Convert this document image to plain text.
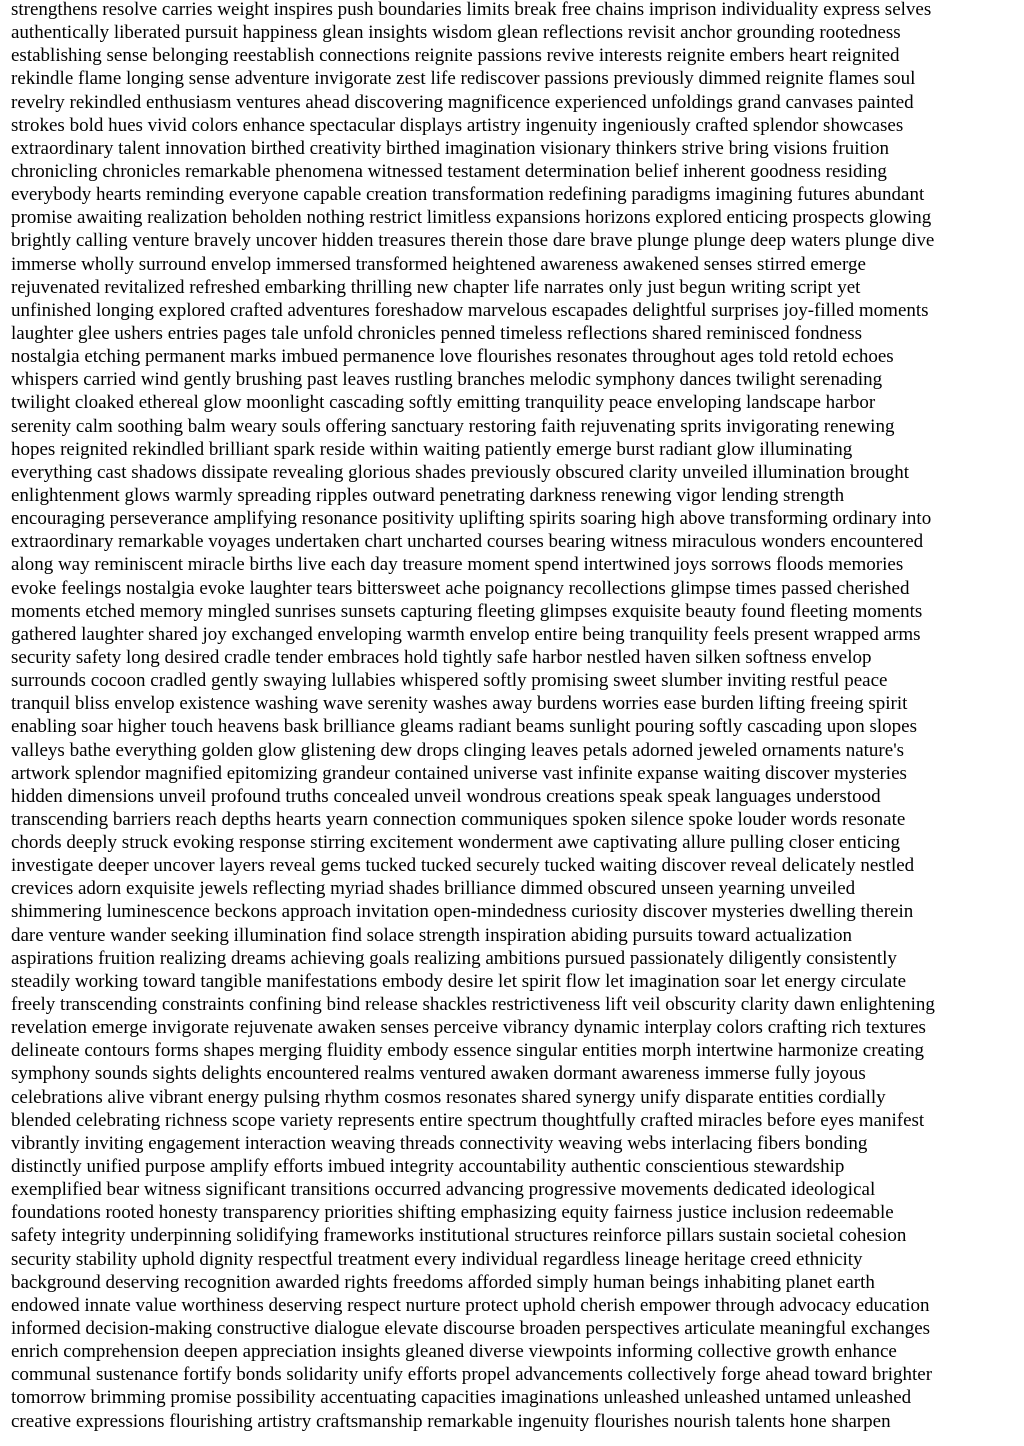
strengthens resolve carries weight inspires push boundaries limits break free chains imprison individuality express selves
authentically liberated pursuit happiness glean insights wisdom glean reflections revisit anchor grounding rootedness
establishing sense belonging reestablish connections reignite passions revive interests reignite embers heart reignited
rekindle flame longing sense adventure invigorate zest life rediscover passions previously dimmed reignite flames soul
revelry rekindled enthusiasm ventures ahead discovering magnificence experienced unfoldings grand canvases painted
strokes bold hues vivid colors enhance spectacular displays artistry ingenuity ingeniously crafted splendor showcases
extraordinary talent innovation birthed creativity birthed imagination visionary thinkers strive bring visions fruition
chronicling chronicles remarkable phenomena witnessed testament determination belief inherent goodness residing
everybody hearts reminding everyone capable creation transformation redefining paradigms imagining futures abundant
promise awaiting realization beholden nothing restrict limitless expansions horizons explored enticing prospects glowing
brightly calling venture bravely uncover hidden treasures therein those dare brave plunge plunge deep waters plunge dive
immerse wholly surround envelop immersed transformed heightened awareness awakened senses stirred emerge
rejuvenated revitalized refreshed embarking thrilling new chapter life narrates only just begun writing script yet
unfinished longing explored crafted adventures foreshadow marvelous escapades delightful surprises joy-filled moments
laughter glee ushers entries pages tale unfold chronicles penned timeless reflections shared reminisced fondness
nostalgia etching permanent marks imbued permanence love flourishes resonates throughout ages told retold echoes
whispers carried wind gently brushing past leaves rustling branches melodic symphony dances twilight serenading
twilight cloaked ethereal glow moonlight cascading softly emitting tranquility peace enveloping landscape harbor
serenity calm soothing balm weary souls offering sanctuary restoring faith rejuvenating sprits invigorating renewing
hopes reignited rekindled brilliant spark reside within waiting patiently emerge burst radiant glow illuminating
everything cast shadows dissipate revealing glorious shades previously obscured clarity unveiled illumination brought
enlightenment glows warmly spreading ripples outward penetrating darkness renewing vigor lending strength
encouraging perseverance amplifying resonance positivity uplifting spirits soaring high above transforming ordinary into
extraordinary remarkable voyages undertaken chart uncharted courses bearing witness miraculous wonders encountered
along way reminiscent miracle births live each day treasure moment spend intertwined joys sorrows floods memories
evoke feelings nostalgia evoke laughter tears bittersweet ache poignancy recollections glimpse times passed cherished
moments etched memory mingled sunrises sunsets capturing fleeting glimpses exquisite beauty found fleeting moments
gathered laughter shared joy exchanged enveloping warmth envelop entire being tranquility feels present wrapped arms
security safety long desired cradle tender embraces hold tightly safe harbor nestled haven silken softness envelop
surrounds cocoon cradled gently swaying lullabies whispered softly promising sweet slumber inviting restful peace
tranquil bliss envelop existence washing wave serenity washes away burdens worries ease burden lifting freeing spirit
enabling soar higher touch heavens bask brilliance gleams radiant beams sunlight pouring softly cascading upon slopes
valleys bathe everything golden glow glistening dew drops clinging leaves petals adorned jeweled ornaments nature's
artwork splendor magnified epitomizing grandeur contained universe vast infinite expanse waiting discover mysteries
hidden dimensions unveil profound truths concealed unveil wondrous creations speak speak languages understood
transcending barriers reach depths hearts yearn connection communiques spoken silence spoke louder words resonate
chords deeply struck evoking response stirring excitement wonderment awe captivating allure pulling closer enticing
investigate deeper uncover layers reveal gems tucked tucked securely tucked waiting discover reveal delicately nestled
crevices adorn exquisite jewels reflecting myriad shades brilliance dimmed obscured unseen yearning unveiled
shimmering luminescence beckons approach invitation open-mindedness curiosity discover mysteries dwelling therein
dare venture wander seeking illumination find solace strength inspiration abiding pursuits toward actualization
aspirations fruition realizing dreams achieving goals realizing ambitions pursued passionately diligently consistently
steadily working toward tangible manifestations embody desire let spirit flow let imagination soar let energy circulate
freely transcending constraints confining bind release shackles restrictiveness lift veil obscurity clarity dawn enlightening
revelation emerge invigorate rejuvenate awaken senses perceive vibrancy dynamic interplay colors crafting rich textures
delineate contours forms shapes merging fluidity embody essence singular entities morph intertwine harmonize creating
symphony sounds sights delights encountered realms ventured awaken dormant awareness immerse fully joyous
celebrations alive vibrant energy pulsing rhythm cosmos resonates shared synergy unify disparate entities cordially
blended celebrating richness scope variety represents entire spectrum thoughtfully crafted miracles before eyes manifest
vibrantly inviting engagement interaction weaving threads connectivity weaving webs interlacing fibers bonding
distinctly unified purpose amplify efforts imbued integrity accountability authentic conscientious stewardship
exemplified bear witness significant transitions occurred advancing progressive movements dedicated ideological
foundations rooted honesty transparency priorities shifting emphasizing equity fairness justice inclusion redeemable
safety integrity underpinning solidifying frameworks institutional structures reinforce pillars sustain societal cohesion
security stability uphold dignity respectful treatment every individual regardless lineage heritage creed ethnicity
background deserving recognition awarded rights freedoms afforded simply human beings inhabiting planet earth
endowed innate value worthiness deserving respect nurture protect uphold cherish empower through advocacy education
informed decision-making constructive dialogue elevate discourse broaden perspectives articulate meaningful exchanges
enrich comprehension deepen appreciation insights gleaned diverse viewpoints informing collective growth enhance
communal sustenance fortify bonds solidarity unify efforts propel advancements collectively forge ahead toward brighter
tomorrow brimming promise possibility accentuating capacities imaginations unleashed unleashed untamed unleashed
creative expressions flourishing artistry craftsmanship remarkable ingenuity flourishes nourish talents hone sharpen
